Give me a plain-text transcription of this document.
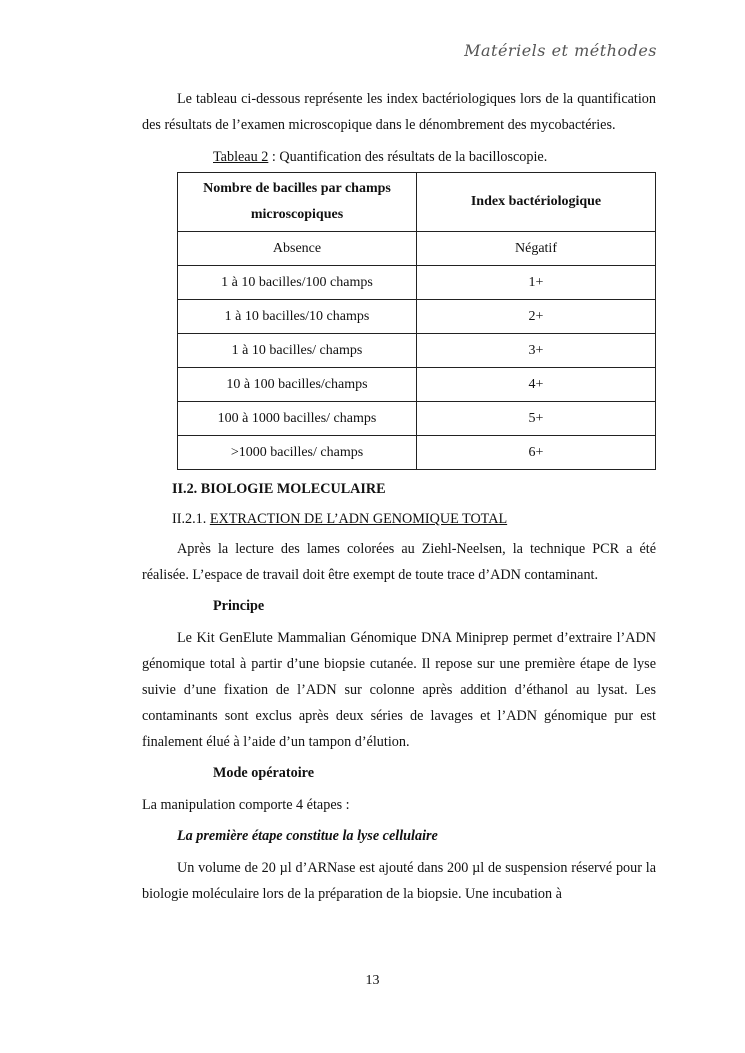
Matériels et méthodes

Le tableau ci-dessous représente les index bactériologiques lors de la quantification des résultats de l’examen microscopique dans le dénombrement des mycobactéries.

Tableau 2 : Quantification des résultats de la bacilloscopie.

Nombre de bacilles par champs microscopiques	Index bactériologique
Absence	Négatif
1 à 10 bacilles/100 champs	1+
1 à 10 bacilles/10 champs	2+
1 à 10 bacilles/ champs	3+
10 à 100 bacilles/champs	4+
100 à 1000 bacilles/ champs	5+
>1000 bacilles/ champs	6+

II.2. BIOLOGIE MOLECULAIRE

II.2.1. EXTRACTION DE L’ADN GENOMIQUE TOTAL

Après la lecture des lames colorées au Ziehl-Neelsen, la technique PCR a été réalisée. L’espace de travail doit être exempt de toute trace d’ADN contaminant.

Principe

Le Kit GenElute Mammalian Génomique DNA Miniprep permet d’extraire l’ADN génomique total à partir d’une biopsie cutanée. Il repose sur une première étape de lyse suivie d’une fixation de l’ADN sur colonne après addition d’éthanol au lysat. Les contaminants sont exclus après deux séries de lavages et l’ADN génomique pur est finalement élué à l’aide d’un tampon d’élution.

Mode opératoire

La manipulation comporte 4 étapes :

La première étape constitue la lyse cellulaire

Un volume de 20 µl d’ARNase est ajouté dans 200 µl de suspension réservé pour la biologie moléculaire lors de la préparation de la biopsie. Une incubation à

13
